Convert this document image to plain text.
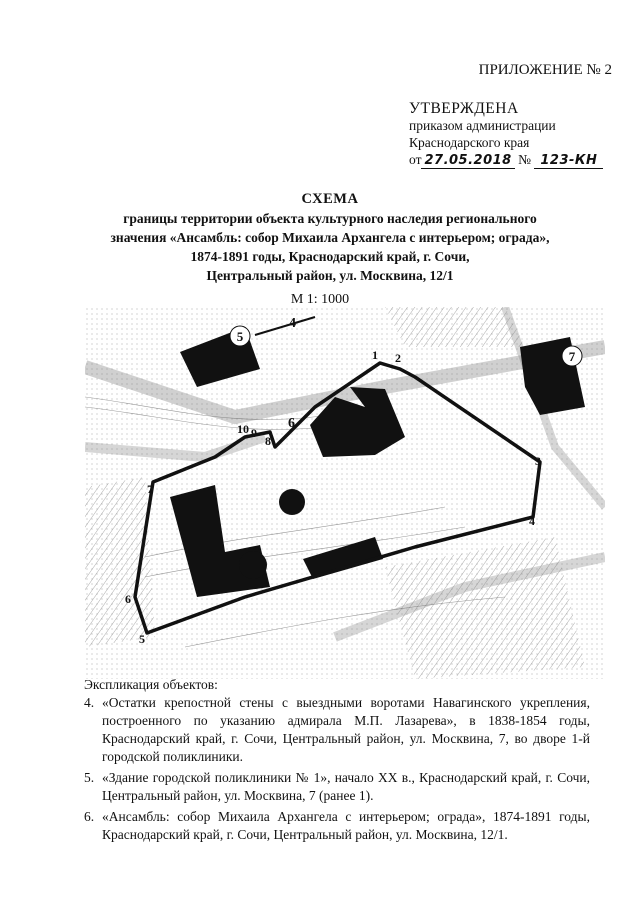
ПРИЛОЖЕНИЕ № 2
УТВЕРЖДЕНА
приказом администрации
Краснодарского края
от 27.05.2018 № 123-КН
СХЕМА
границы территории объекта культурного наследия регионального
значения «Ансамбль: собор Михаила Архангела с интерьером; ограда»,
1874-1891 годы, Краснодарский край, г. Сочи,
Центральный район, ул. Москвина, 12/1
М 1: 1000
5
4
7
6
1 2
3
4
5
6
7
8
9
10
Экспликация объектов:
4. «Остатки крепостной стены с выездными воротами Навагинского укрепления, построенного по указанию адмирала М.П. Лазарева», в 1838-1854 годы, Краснодарский край, г. Сочи, Центральный район, ул. Москвина, 7, во дворе 1-й городской поликлиники.
5. «Здание городской поликлиники № 1», начало XX в., Краснодарский край, г. Сочи, Центральный район, ул. Москвина, 7 (ранее 1).
6. «Ансамбль: собор Михаила Архангела с интерьером; ограда», 1874-1891 годы, Краснодарский край, г. Сочи, Центральный район, ул. Москвина, 12/1.
